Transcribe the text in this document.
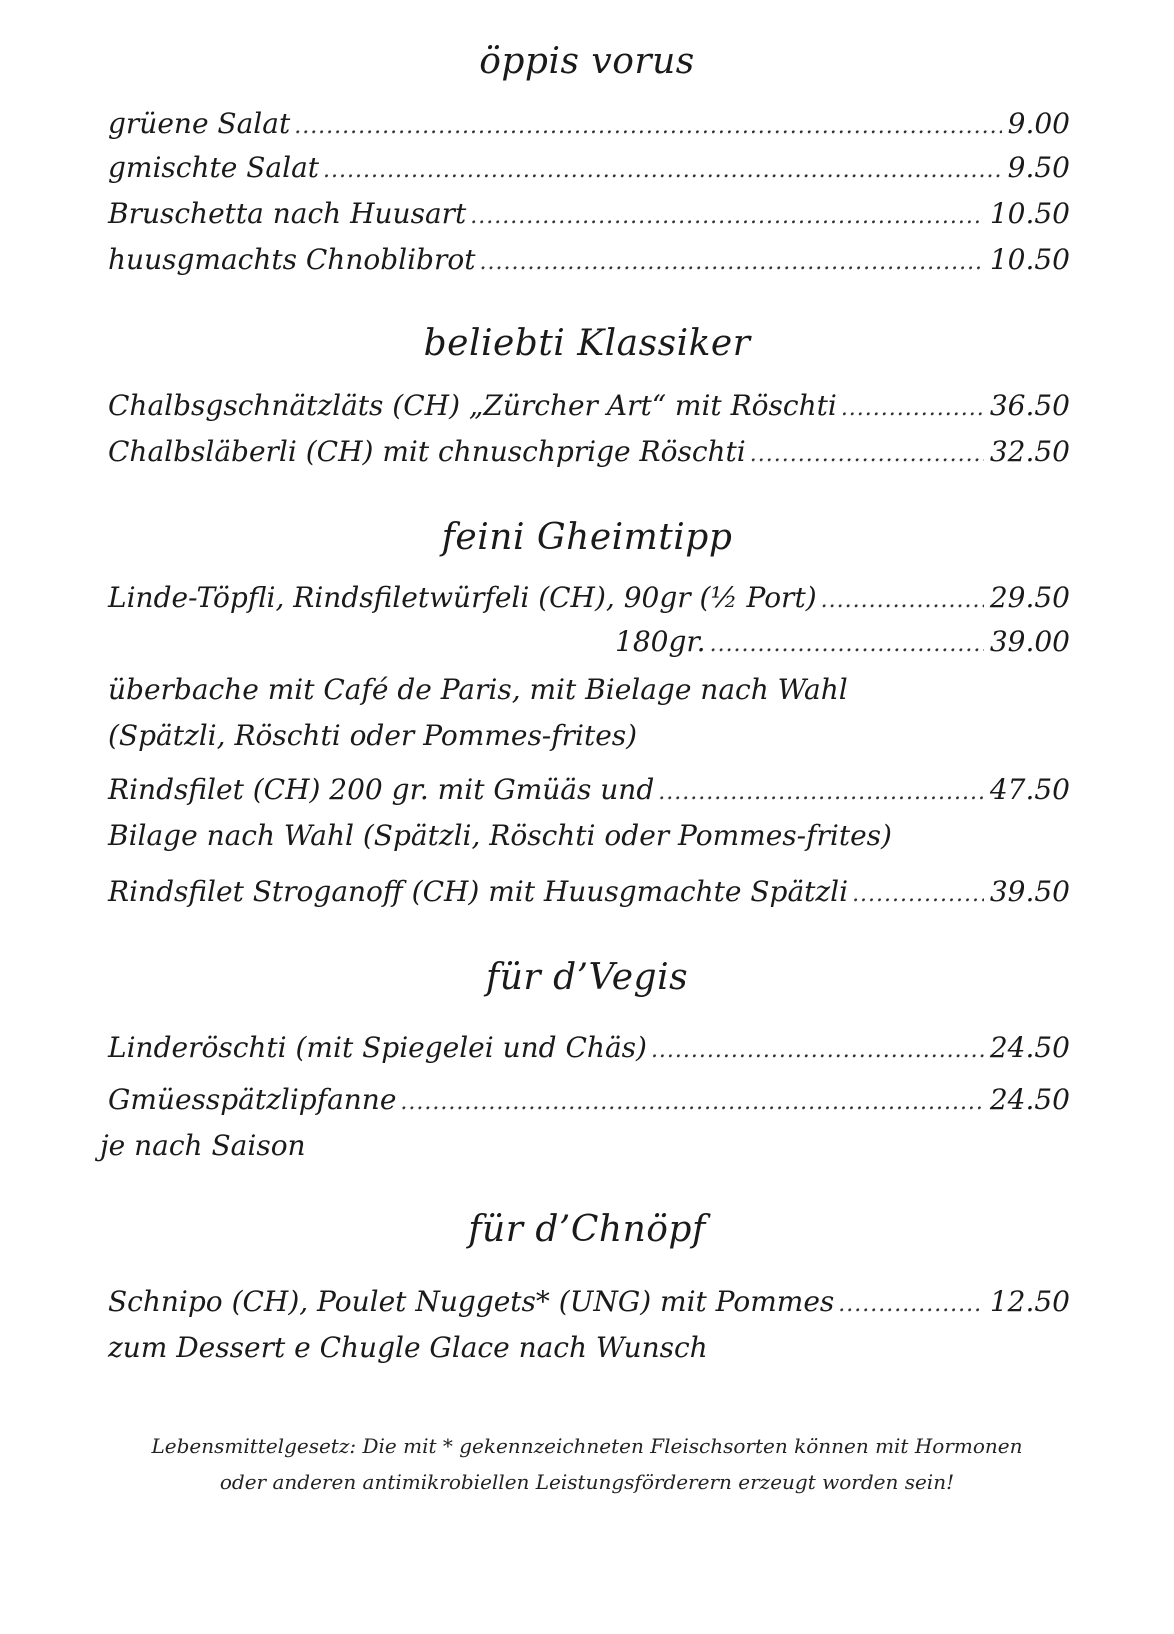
öppis vorus
grüene Salat .....	9.00
gmischte Salat .....	9.50
Bruschetta nach Huusart .....	10.50
huusgmachts Chnoblibrot .....	10.50
beliebti Klassiker
Chalbsgschnätzläts (CH) „Zürcher Art“ mit Röschti .....	36.50
Chalbsläberli (CH) mit chnuschprige Röschti .....	32.50
feini Gheimtipp
Linde-Töpfli, Rindsfiletwürfeli (CH), 90gr (½ Port) .....	29.50
180gr. .....	39.00
überbache mit Café de Paris, mit Bielage nach Wahl
(Spätzli, Röschti oder Pommes-frites)
Rindsfilet (CH) 200 gr. mit Gmüäs und .....	47.50
Bilage nach Wahl (Spätzli, Röschti oder Pommes-frites)
Rindsfilet Stroganoff (CH) mit Huusgmachte Spätzli .....	39.50
für d’Vegis
Linderöschti (mit Spiegelei und Chäs) .....	24.50
Gmüesspätzlipfanne .....	24.50
je nach Saison
für d’Chnöpf
Schnipo (CH), Poulet Nuggets* (UNG) mit Pommes .....	12.50
zum Dessert e Chugle Glace nach Wunsch
Lebensmittelgesetz: Die mit * gekennzeichneten Fleischsorten können mit Hormonen
oder anderen antimikrobiellen Leistungsförderern erzeugt worden sein!
